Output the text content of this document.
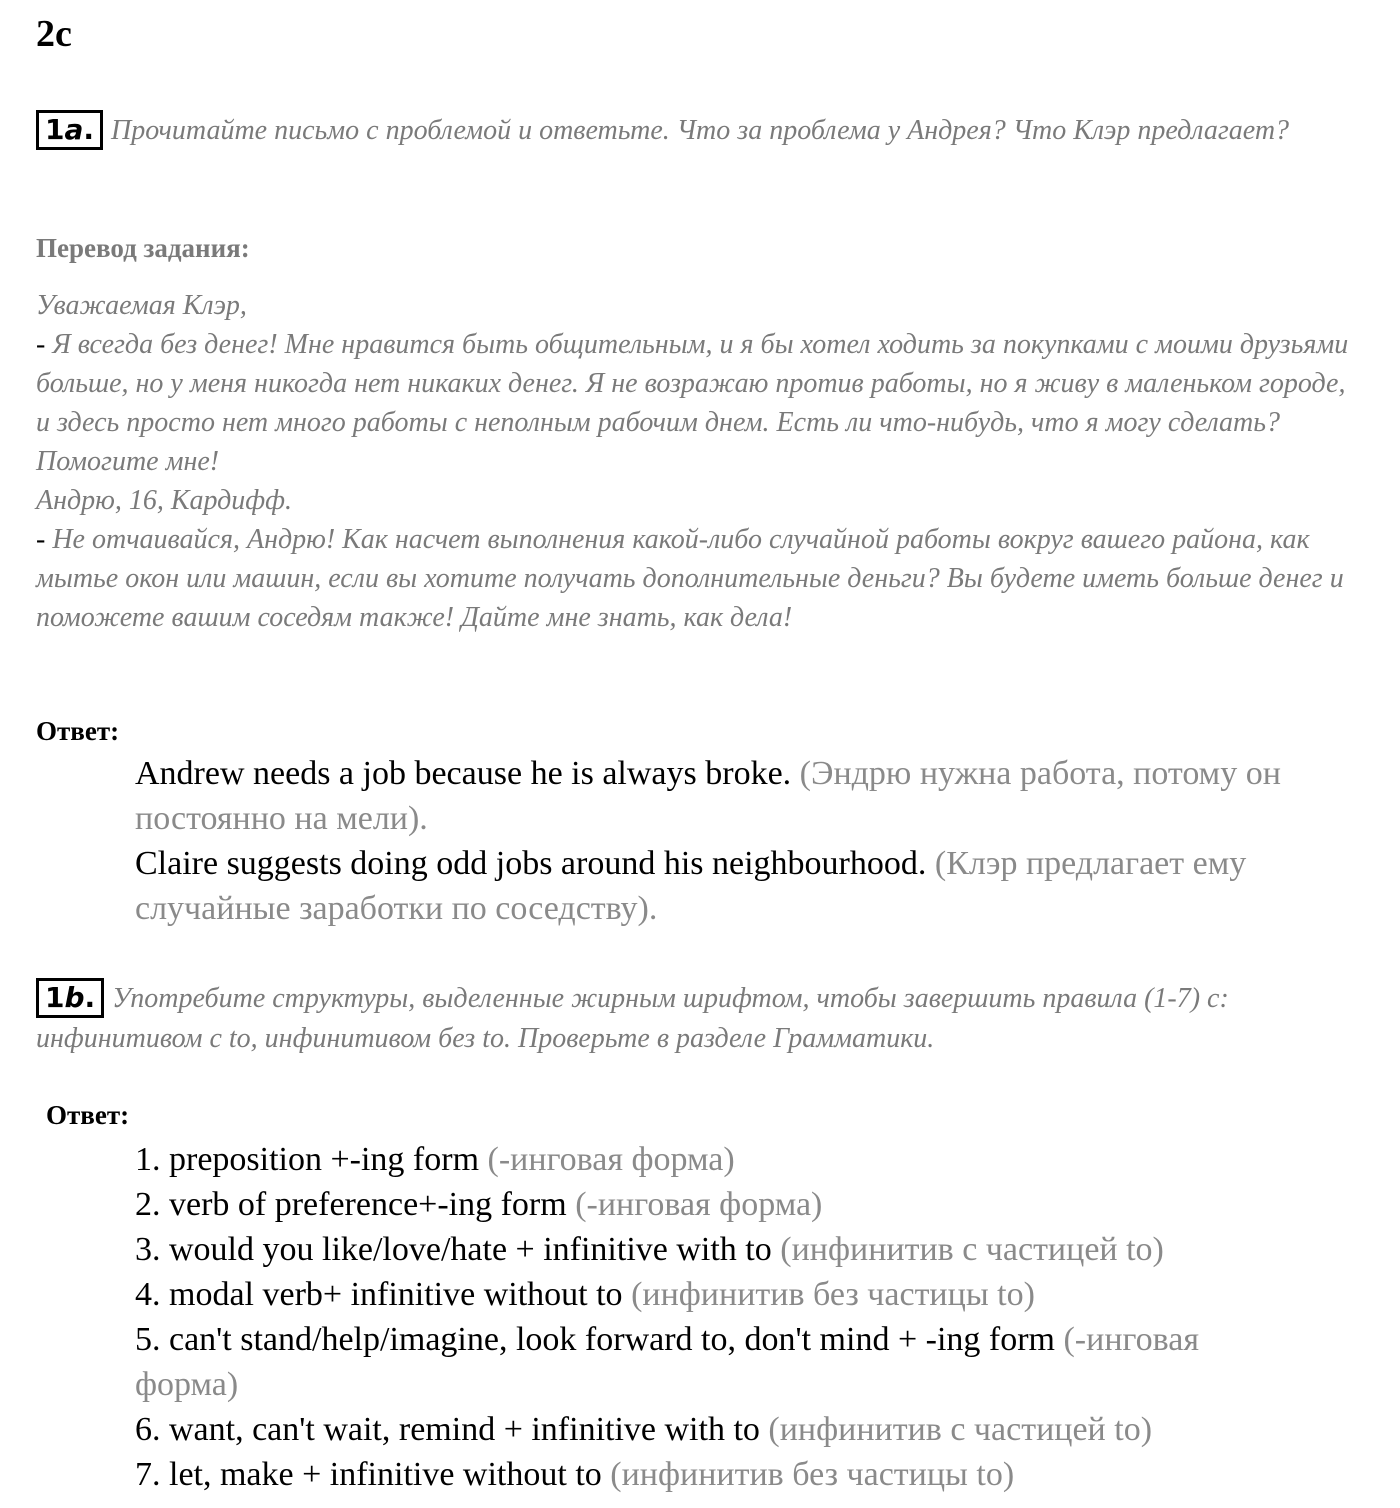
2c
1a. Прочитайте письмо с проблемой и ответьте. Что за проблема у Андрея? Что Клэр предлагает?
Перевод задания:
Уважаемая Клэр,
- Я всегда без денег! Мне нравится быть общительным, и я бы хотел ходить за покупками с моими друзьями больше, но у меня никогда нет никаких денег. Я не возражаю против работы, но я живу в маленьком городе, и здесь просто нет много работы с неполным рабочим днем. Есть ли что-нибудь, что я могу сделать? Помогите мне!
Андрю, 16, Кардифф.
- Не отчаивайся, Андрю! Как насчет выполнения какой-либо случайной работы вокруг вашего района, как мытье окон или машин, если вы хотите получать дополнительные деньги? Вы будете иметь больше денег и поможете вашим соседям также! Дайте мне знать, как дела!
Ответ:
Andrew needs a job because he is always broke. (Эндрю нужна работа, потому он постоянно на мели).
Claire suggests doing odd jobs around his neighbourhood. (Клэр предлагает ему случайные заработки по соседству).
1b. Употребите структуры, выделенные жирным шрифтом, чтобы завершить правила (1-7) с: инфинитивом с to, инфинитивом без to. Проверьте в разделе Грамматики.
Ответ:
1. preposition +-ing form (-инговая форма)
2. verb of preference+-ing form (-инговая форма)
3. would you like/love/hate + infinitive with to (инфинитив с частицей to)
4. modal verb+ infinitive without to (инфинитив без частицы to)
5. can't stand/help/imagine, look forward to, don't mind + -ing form (-инговая форма)
6. want, can't wait, remind + infinitive with to (инфинитив с частицей to)
7. let, make + infinitive without to (инфинитив без частицы to)
